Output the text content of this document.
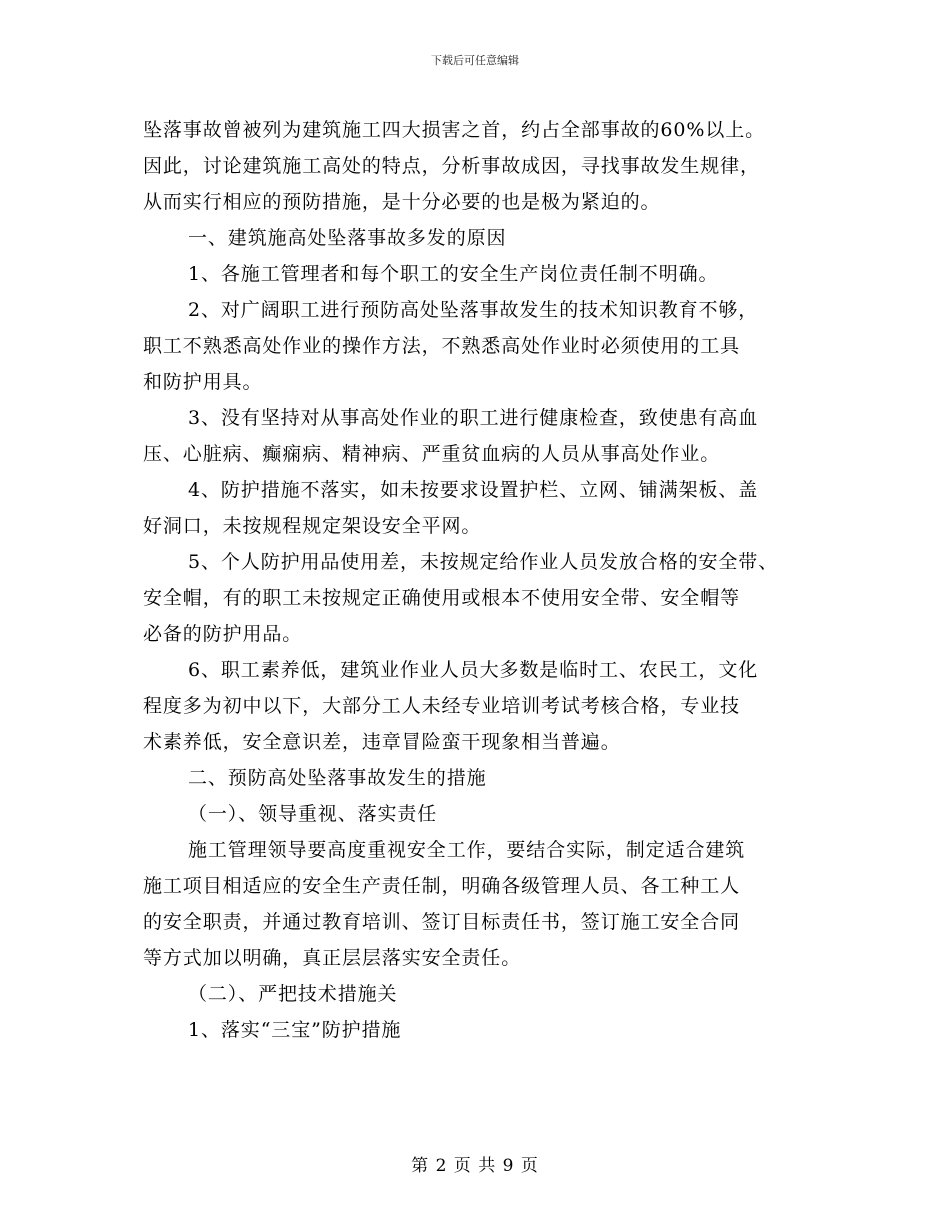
下载后可任意编辑
坠落事故曾被列为建筑施工四大损害之首，约占全部事故的60%以上。
因此，讨论建筑施工高处的特点，分析事故成因，寻找事故发生规律，
从而实行相应的预防措施，是十分必要的也是极为紧迫的。
一、建筑施高处坠落事故多发的原因
1、各施工管理者和每个职工的安全生产岗位责任制不明确。
2、对广阔职工进行预防高处坠落事故发生的技术知识教育不够，
职工不熟悉高处作业的操作方法，不熟悉高处作业时必须使用的工具
和防护用具。
3、没有坚持对从事高处作业的职工进行健康检查，致使患有高血
压、心脏病、癫痫病、精神病、严重贫血病的人员从事高处作业。
4、防护措施不落实，如未按要求设置护栏、立网、铺满架板、盖
好洞口，未按规程规定架设安全平网。
5、个人防护用品使用差，未按规定给作业人员发放合格的安全带、
安全帽，有的职工未按规定正确使用或根本不使用安全带、安全帽等
必备的防护用品。
6、职工素养低，建筑业作业人员大多数是临时工、农民工，文化
程度多为初中以下，大部分工人未经专业培训考试考核合格，专业技
术素养低，安全意识差，违章冒险蛮干现象相当普遍。
二、预防高处坠落事故发生的措施
（一）、领导重视、落实责任
施工管理领导要高度重视安全工作，要结合实际，制定适合建筑
施工项目相适应的安全生产责任制，明确各级管理人员、各工种工人
的安全职责，并通过教育培训、签订目标责任书，签订施工安全合同
等方式加以明确，真正层层落实安全责任。
（二）、严把技术措施关
1、落实“三宝”防护措施
第 2 页 共 9 页
